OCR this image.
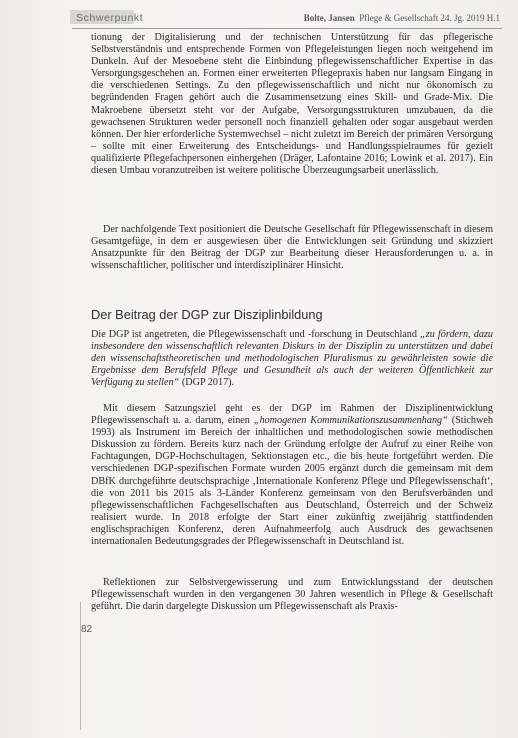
Schwerpunkt	Bolte, Jansen Pflege & Gesellschaft 24. Jg. 2019 H.1

tionung der Digitalisierung und der technischen Unterstützung für das pflegerische Selbstverständnis und entsprechende Formen von Pflegeleistungen liegen noch weitgehend im Dunkeln. Auf der Mesoebene steht die Einbindung pflegewissenschaftlicher Expertise in das Versorgungsgeschehen an. Formen einer erweiterten Pflegepraxis haben nur langsam Eingang in die verschiedenen Settings. Zu den pflegewissenschaftlich und nicht nur ökonomisch zu begründenden Fragen gehört auch die Zusammensetzung eines Skill- und Grade-Mix. Die Makroebene übersetzt steht vor der Aufgabe, Versorgungsstrukturen umzubauen, da die gewachsenen Strukturen weder personell noch finanziell gehalten oder sogar ausgebaut werden können. Der hier erforderliche Systemwechsel – nicht zuletzt im Bereich der primären Versorgung – sollte mit einer Erweiterung des Entscheidungs- und Handlungsspielraumes für gezielt qualifizierte Pflegefachpersonen einhergehen (Dräger, Lafontaine 2016; Lowink et al. 2017). Ein diesen Umbau voranzutreiben ist weitere politische Überzeugungsarbeit unerlässlich.

Der nachfolgende Text positioniert die Deutsche Gesellschaft für Pflegewissenschaft in diesem Gesamtgefüge, in dem er ausgewiesen über die Entwicklungen seit Gründung und skizziert Ansatzpunkte für den Beitrag der DGP zur Bearbeitung dieser Herausforderungen u. a. in wissenschaftlicher, politischer und interdisziplinärer Hinsicht.

Der Beitrag der DGP zur Disziplinbildung

Die DGP ist angetreten, die Pflegewissenschaft und -forschung in Deutschland „zu fördern, dazu insbesondere den wissenschaftlich relevanten Diskurs in der Disziplin zu unterstützen und dabei den wissenschaftstheoretischen und methodologischen Pluralismus zu gewährleisten sowie die Ergebnisse dem Berufsfeld Pflege und Gesundheit als auch der weiteren Öffentlichkeit zur Verfügung zu stellen“ (DGP 2017).

Mit diesem Satzungsziel geht es der DGP im Rahmen der Disziplinentwicklung Pflegewissenschaft u. a. darum, einen „homogenen Kommunikationszusammenhang“ (Stichweh 1993) als Instrument im Bereich der inhaltlichen und methodologischen sowie methodischen Diskussion zu fördern. Bereits kurz nach der Gründung erfolgte der Aufruf zu einer Reihe von Fachtagungen, DGP-Hochschultagen, Sektionstagen etc., die bis heute fortgeführt werden. Die verschiedenen DGP-spezifischen Formate wurden 2005 ergänzt durch die gemeinsam mit dem DBfK durchgeführte deutschsprachige ‚Internationale Konferenz Pflege und Pflegewissenschaft‘, die von 2011 bis 2015 als 3-Länder Konferenz gemeinsam von den Berufsverbänden und pflegewissenschaftlichen Fachgesellschaften aus Deutschland, Österreich und der Schweiz realisiert wurde. In 2018 erfolgte der Start einer zukünftig zweijährig stattfindenden englischsprachigen Konferenz, deren Aufnahmeerfolg auch Ausdruck des gewachsenen internationalen Bedeutungsgrades der Pflegewissenschaft in Deutschland ist.

Reflektionen zur Selbstvergewisserung und zum Entwicklungsstand der deutschen Pflegewissenschaft wurden in den vergangenen 30 Jahren wesentlich in Pflege & Gesellschaft geführt. Die darin dargelegte Diskussion um Pflegewissenschaft als Praxis-

82
